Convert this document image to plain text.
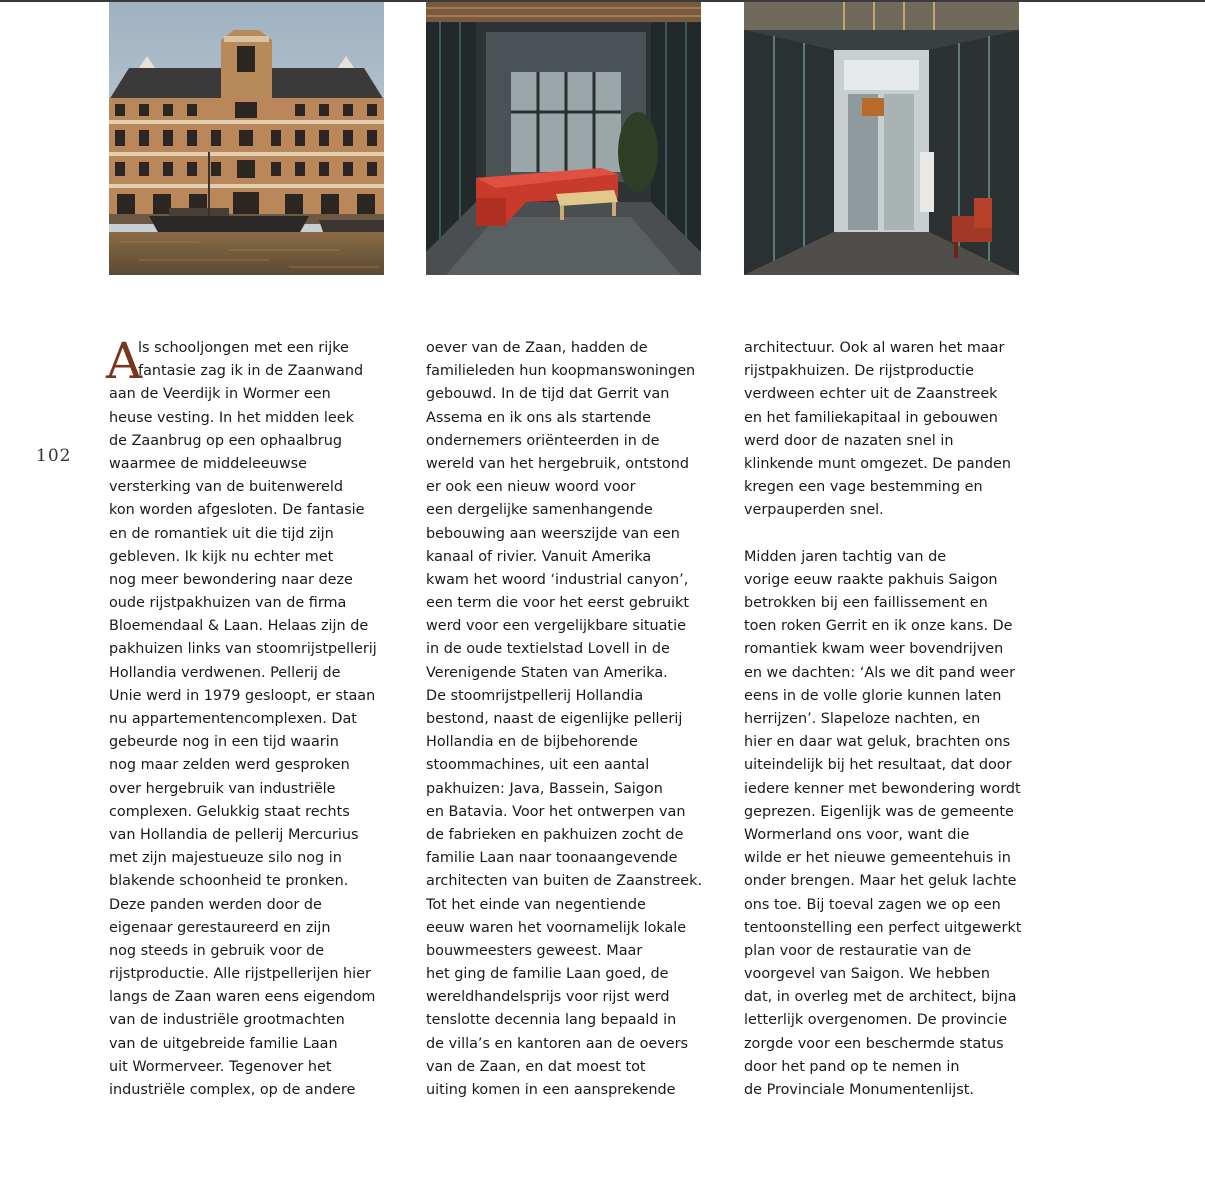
102
A
ls schooljongen met een rijke
fantasie zag ik in de Zaanwand
aan de Veerdijk in Wormer een
heuse vesting. In het midden leek
de Zaanbrug op een ophaalbrug
waarmee de middeleeuwse
versterking van de buitenwereld
kon worden afgesloten. De fantasie
en de romantiek uit die tijd zijn
gebleven. Ik kijk nu echter met
nog meer bewondering naar deze
oude rijstpakhuizen van de firma
Bloemendaal & Laan. Helaas zijn de
pakhuizen links van stoomrijstpellerij
Hollandia verdwenen. Pellerij de
Unie werd in 1979 gesloopt, er staan
nu appartementencomplexen. Dat
gebeurde nog in een tijd waarin
nog maar zelden werd gesproken
over hergebruik van industriële
complexen. Gelukkig staat rechts
van Hollandia de pellerij Mercurius
met zijn majestueuze silo nog in
blakende schoonheid te pronken.
Deze panden werden door de
eigenaar gerestaureerd en zijn
nog steeds in gebruik voor de
rijstproductie. Alle rijstpellerijen hier
langs de Zaan waren eens eigendom
van de industriële grootmachten
van de uitgebreide familie Laan
uit Wormerveer. Tegenover het
industriële complex, op de andere
oever van de Zaan, hadden de
familieleden hun koopmanswoningen
gebouwd. In de tijd dat Gerrit van
Assema en ik ons als startende
ondernemers oriënteerden in de
wereld van het hergebruik, ontstond
er ook een nieuw woord voor
een dergelijke samenhangende
bebouwing aan weerszijde van een
kanaal of rivier. Vanuit Amerika
kwam het woord ‘industrial canyon’,
een term die voor het eerst gebruikt
werd voor een vergelijkbare situatie
in de oude textielstad Lovell in de
Verenigende Staten van Amerika.
De stoomrijstpellerij Hollandia
bestond, naast de eigenlijke pellerij
Hollandia en de bijbehorende
stoommachines, uit een aantal
pakhuizen: Java, Bassein, Saigon
en Batavia. Voor het ontwerpen van
de fabrieken en pakhuizen zocht de
familie Laan naar toonaangevende
architecten van buiten de Zaanstreek.
Tot het einde van negentiende
eeuw waren het voornamelijk lokale
bouwmeesters geweest. Maar
het ging de familie Laan goed, de
wereldhandelsprijs voor rijst werd
tenslotte decennia lang bepaald in
de villa’s en kantoren aan de oevers
van de Zaan, en dat moest tot
uiting komen in een aansprekende
architectuur. Ook al waren het maar
rijstpakhuizen. De rijstproductie
verdween echter uit de Zaanstreek
en het familiekapitaal in gebouwen
werd door de nazaten snel in
klinkende munt omgezet. De panden
kregen een vage bestemming en
verpauperden snel.
Midden jaren tachtig van de
vorige eeuw raakte pakhuis Saigon
betrokken bij een faillissement en
toen roken Gerrit en ik onze kans. De
romantiek kwam weer bovendrijven
en we dachten: ‘Als we dit pand weer
eens in de volle glorie kunnen laten
herrijzen’. Slapeloze nachten, en
hier en daar wat geluk, brachten ons
uiteindelijk bij het resultaat, dat door
iedere kenner met bewondering wordt
geprezen. Eigenlijk was de gemeente
Wormerland ons voor, want die
wilde er het nieuwe gemeentehuis in
onder brengen. Maar het geluk lachte
ons toe. Bij toeval zagen we op een
tentoonstelling een perfect uitgewerkt
plan voor de restauratie van de
voorgevel van Saigon. We hebben
dat, in overleg met de architect, bijna
letterlijk overgenomen. De provincie
zorgde voor een beschermde status
door het pand op te nemen in
de Provinciale Monumentenlijst.
